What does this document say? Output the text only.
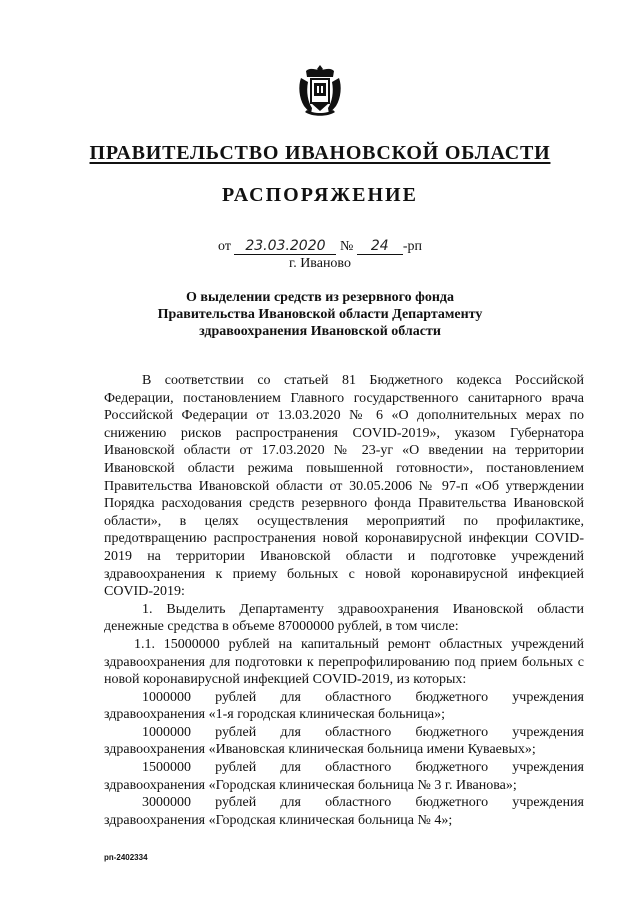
ПРАВИТЕЛЬСТВО ИВАНОВСКОЙ ОБЛАСТИ
РАСПОРЯЖЕНИЕ
от 23.03.2020 № 24 -рп
г. Иваново
О выделении средств из резервного фонда
Правительства Ивановской области Департаменту
здравоохранения Ивановской области

В соответствии со статьей 81 Бюджетного кодекса Российской Федерации, постановлением Главного государственного санитарного врача Российской Федерации от 13.03.2020 № 6 «О дополнительных мерах по снижению рисков распространения COVID-2019», указом Губернатора Ивановской области от 17.03.2020 № 23-уг «О введении на территории Ивановской области режима повышенной готовности», постановлением Правительства Ивановской области от 30.05.2006 № 97-п «Об утверждении Порядка расходования средств резервного фонда Правительства Ивановской области», в целях осуществления мероприятий по профилактике, предотвращению распространения новой коронавирусной инфекции COVID-2019 на территории Ивановской области и подготовке учреждений здравоохранения к приему больных с новой коронавирусной инфекцией COVID-2019:

1. Выделить Департаменту здравоохранения Ивановской области денежные средства в объеме 87000000 рублей, в том числе:

1.1. 15000000 рублей на капитальный ремонт областных учреждений здравоохранения для подготовки к перепрофилированию под прием больных с новой коронавирусной инфекцией COVID-2019, из которых:

1000000 рублей для областного бюджетного учреждения здравоохранения «1-я городская клиническая больница»;

1000000 рублей для областного бюджетного учреждения здравоохранения «Ивановская клиническая больница имени Куваевых»;

1500000 рублей для областного бюджетного учреждения здравоохранения «Городская клиническая больница № 3 г. Иванова»;

3000000 рублей для областного бюджетного учреждения здравоохранения «Городская клиническая больница № 4»;

рп-2402334
